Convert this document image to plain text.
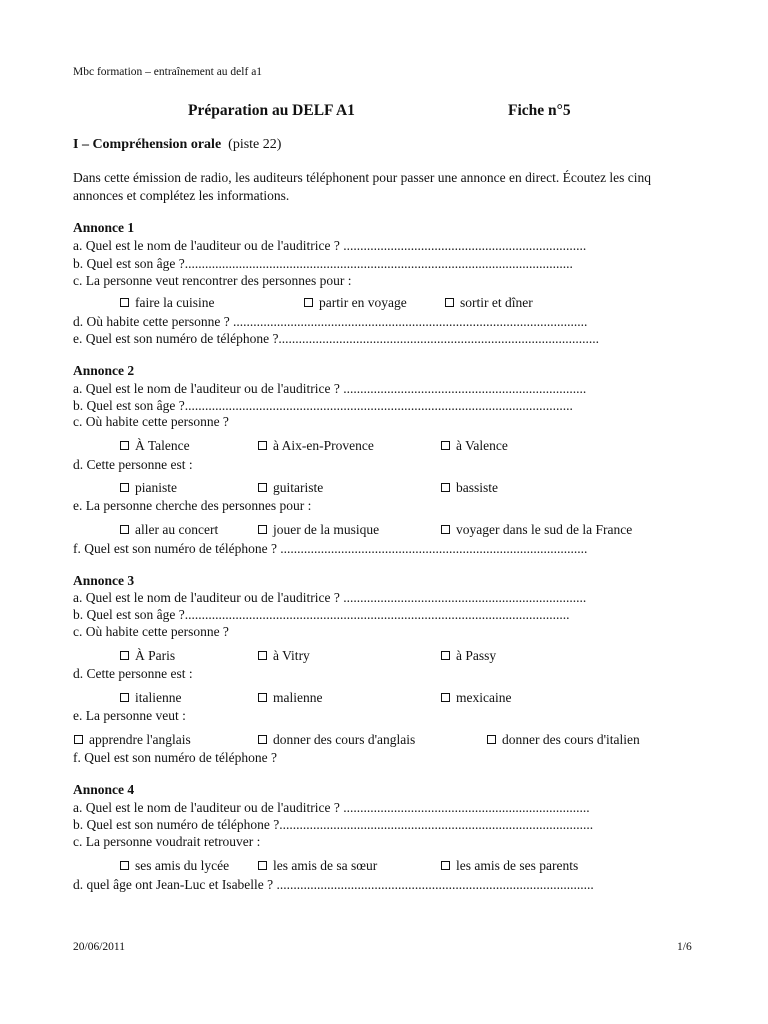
Mbc formation – entraînement au delf a1
Préparation au DELF A1	Fiche n°5
I – Compréhension orale (piste 22)
Dans cette émission de radio, les auditeurs téléphonent pour passer une annonce en direct. Écoutez les cinq annonces et complétez les informations.
Annonce 1
a. Quel est le nom de l'auditeur ou de l'auditrice ? ........................................................................
b. Quel est son âge ?...................................................................................................................
c. La personne veut rencontrer des personnes pour :
faire la cuisine	partir en voyage	sortir et dîner
d. Où habite cette personne ? .........................................................................................................
e. Quel est son numéro de téléphone ?...............................................................................................
Annonce 2
a. Quel est le nom de l'auditeur ou de l'auditrice ? ........................................................................
b. Quel est son âge ?...................................................................................................................
c. Où habite cette personne ?
À Talence	à Aix-en-Provence	à Valence
d. Cette personne est :
pianiste	guitariste	bassiste
e. La personne cherche des personnes pour :
aller au concert	jouer de la musique	voyager dans le sud de la France
f. Quel est son numéro de téléphone ? ...........................................................................................
Annonce 3
a. Quel est le nom de l'auditeur ou de l'auditrice ? ........................................................................
b. Quel est son âge ?..................................................................................................................
c. Où habite cette personne ?
À Paris	à Vitry	à Passy
d. Cette personne est :
italienne	malienne	mexicaine
e. La personne veut :
apprendre l'anglais	donner des cours d'anglais	donner des cours d'italien
f. Quel est son numéro de téléphone ?
Annonce 4
a. Quel est le nom de l'auditeur ou de l'auditrice ? .........................................................................
b. Quel est son numéro de téléphone ?.............................................................................................
c. La personne voudrait retrouver :
ses amis du lycée	les amis de sa sœur	les amis de ses parents
d. quel âge ont Jean-Luc et Isabelle ? ..............................................................................................
20/06/2011	1/6
